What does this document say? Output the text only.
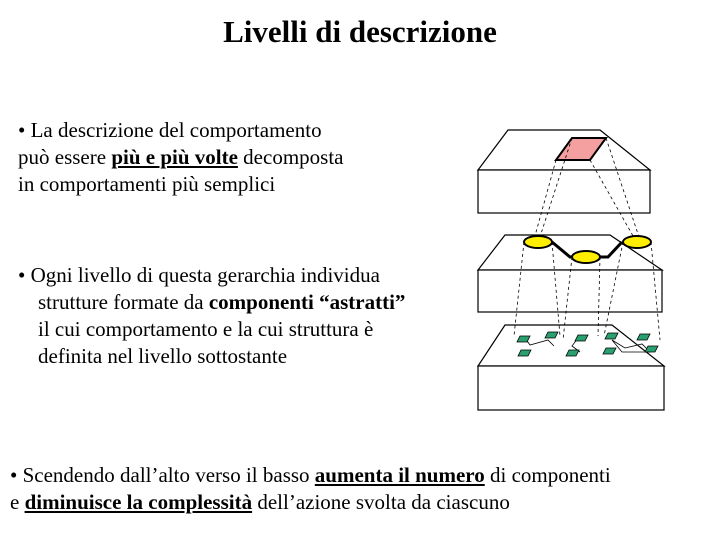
Livelli di descrizione
• La descrizione del comportamento
può essere più e più volte decomposta
in comportamenti più semplici
• Ogni livello di questa gerarchia individua

strutture formate da componenti “astratti”
il cui comportamento e la cui struttura è
definita nel livello sottostante
• Scendendo dall’alto verso il basso aumenta il numero di componenti
e diminuisce la complessità dell’azione svolta da ciascuno
